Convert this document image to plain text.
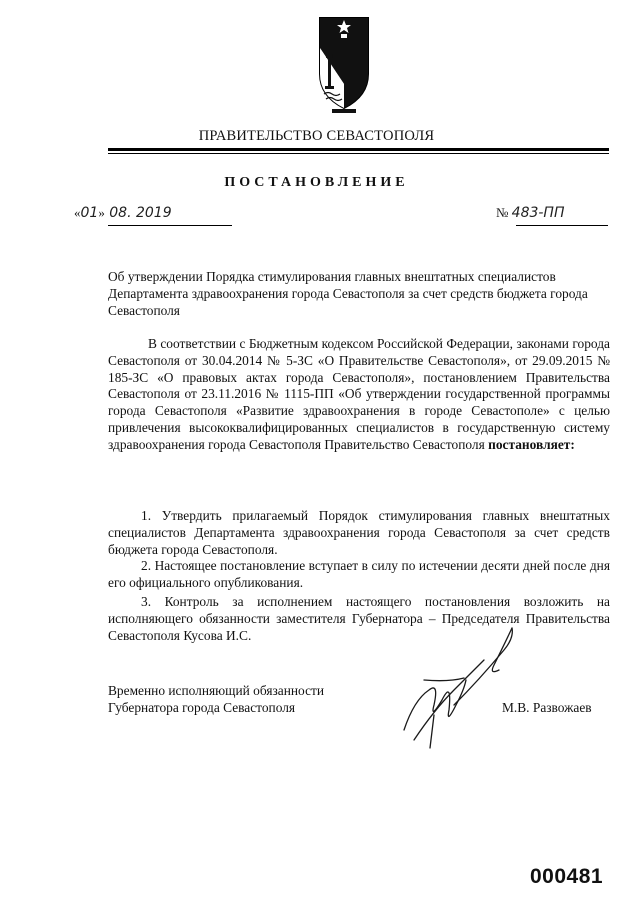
ПРАВИТЕЛЬСТВО СЕВАСТОПОЛЯ
ПОСТАНОВЛЕНИЕ
«01» 08. 2019	№ 483-ПП
Об утверждении Порядка стимулирования главных внештатных специалистов Департамента здравоохранения города Севастополя за счет средств бюджета города Севастополя
В соответствии с Бюджетным кодексом Российской Федерации, законами города Севастополя от 30.04.2014 № 5-ЗС «О Правительстве Севастополя», от 29.09.2015 № 185-ЗС «О правовых актах города Севастополя», постановлением Правительства Севастополя от 23.11.2016 № 1115-ПП «Об утверждении государственной программы города Севастополя «Развитие здравоохранения в городе Севастополе» с целью привлечения высококвалифицированных специалистов в государственную систему здравоохранения города Севастополя Правительство Севастополя постановляет:
1. Утвердить прилагаемый Порядок стимулирования главных внештатных специалистов Департамента здравоохранения города Севастополя за счет средств бюджета города Севастополя.
2. Настоящее постановление вступает в силу по истечении десяти дней после дня его официального опубликования.
3. Контроль за исполнением настоящего постановления возложить на исполняющего обязанности заместителя Губернатора – Председателя Правительства Севастополя Кусова И.С.
Временно исполняющий обязанности
Губернатора города Севастополя	М.В. Развожаев
000481
